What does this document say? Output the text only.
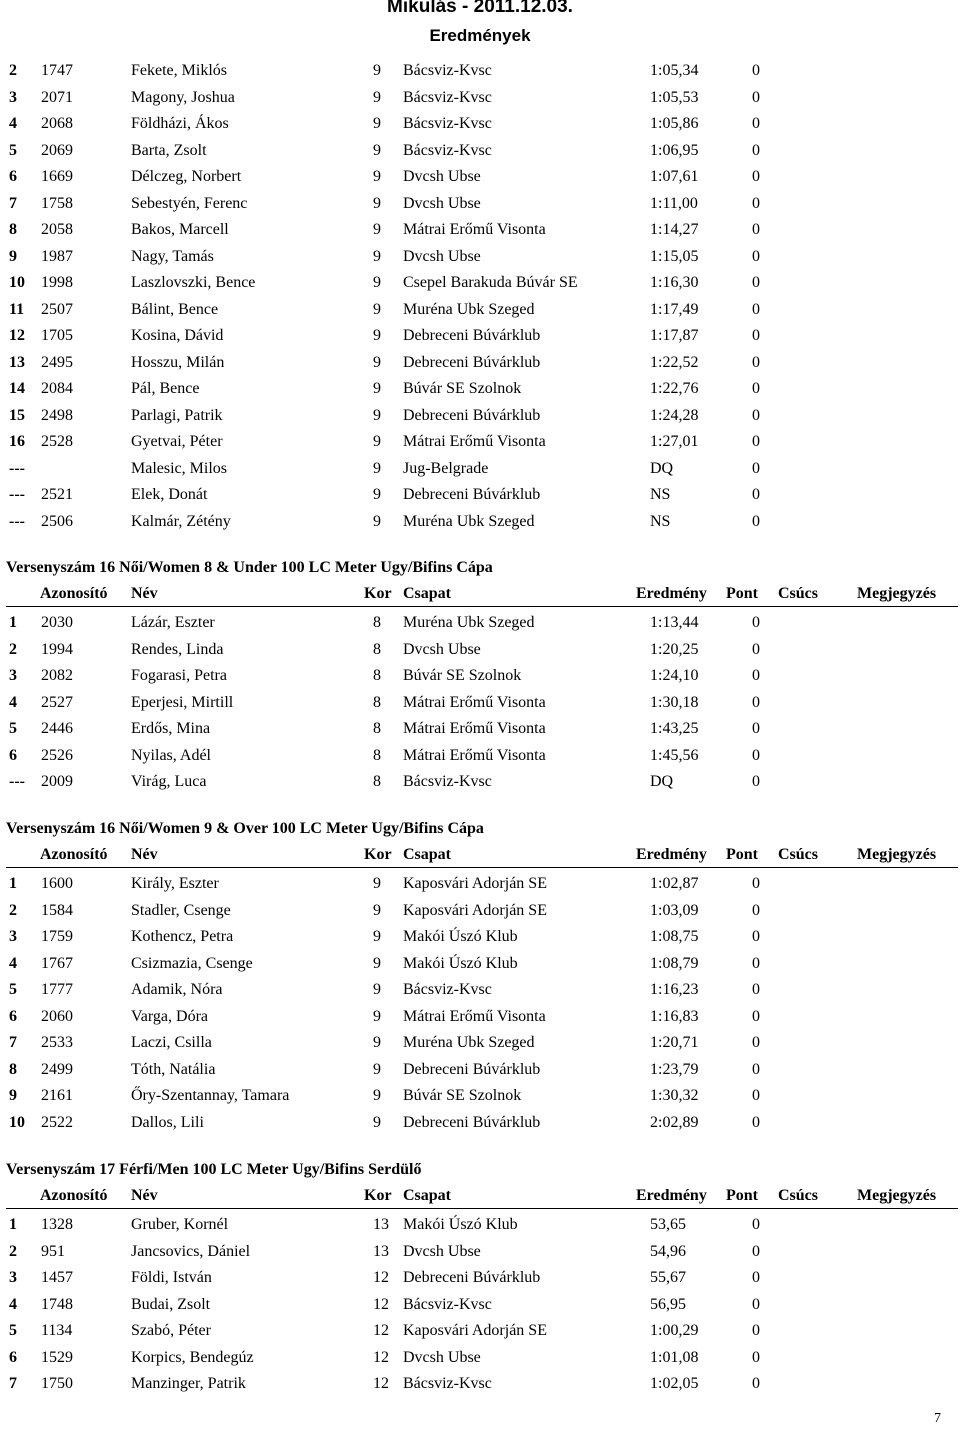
Mikulás - 2011.12.03.
Eredmények
2 1747	Fekete, Miklós	9 Bácsviz-Kvsc	1:05,34	0
3 2071	Magony, Joshua	9 Bácsviz-Kvsc	1:05,53	0
4 2068	Földházi, Ákos	9 Bácsviz-Kvsc	1:05,86	0
5 2069	Barta, Zsolt	9 Bácsviz-Kvsc	1:06,95	0
6 1669	Délczeg, Norbert	9 Dvcsh Ubse	1:07,61	0
7 1758	Sebestyén, Ferenc	9 Dvcsh Ubse	1:11,00	0
8 2058	Bakos, Marcell	9 Mátrai Erőmű Visonta	1:14,27	0
9 1987	Nagy, Tamás	9 Dvcsh Ubse	1:15,05	0
10 1998	Laszlovszki, Bence	9 Csepel Barakuda Búvár SE	1:16,30	0
11 2507	Bálint, Bence	9 Muréna Ubk Szeged	1:17,49	0
12 1705	Kosina, Dávid	9 Debreceni Búvárklub	1:17,87	0
13 2495	Hosszu, Milán	9 Debreceni Búvárklub	1:22,52	0
14 2084	Pál, Bence	9 Búvár SE Szolnok	1:22,76	0
15 2498	Parlagi, Patrik	9 Debreceni Búvárklub	1:24,28	0
16 2528	Gyetvai, Péter	9 Mátrai Erőmű Visonta	1:27,01	0
---	Malesic, Milos	9 Jug-Belgrade	DQ	0
--- 2521	Elek, Donát	9 Debreceni Búvárklub	NS	0
--- 2506	Kalmár, Zétény	9 Muréna Ubk Szeged	NS	0
Versenyszám 16 Női/Women 8 & Under 100 LC Meter Ugy/Bifins Cápa
Azonosító Név	Kor Csapat	Eredmény Pont Csúcs Megjegyzés
1 2030	Lázár, Eszter	8 Muréna Ubk Szeged	1:13,44	0
2 1994	Rendes, Linda	8 Dvcsh Ubse	1:20,25	0
3 2082	Fogarasi, Petra	8 Búvár SE Szolnok	1:24,10	0
4 2527	Eperjesi, Mirtill	8 Mátrai Erőmű Visonta	1:30,18	0
5 2446	Erdős, Mina	8 Mátrai Erőmű Visonta	1:43,25	0
6 2526	Nyilas, Adél	8 Mátrai Erőmű Visonta	1:45,56	0
--- 2009	Virág, Luca	8 Bácsviz-Kvsc	DQ	0
Versenyszám 16 Női/Women 9 & Over 100 LC Meter Ugy/Bifins Cápa
Azonosító Név	Kor Csapat	Eredmény Pont Csúcs Megjegyzés
1 1600	Király, Eszter	9 Kaposvári Adorján SE	1:02,87	0
2 1584	Stadler, Csenge	9 Kaposvári Adorján SE	1:03,09	0
3 1759	Kothencz, Petra	9 Makói Úszó Klub	1:08,75	0
4 1767	Csizmazia, Csenge	9 Makói Úszó Klub	1:08,79	0
5 1777	Adamik, Nóra	9 Bácsviz-Kvsc	1:16,23	0
6 2060	Varga, Dóra	9 Mátrai Erőmű Visonta	1:16,83	0
7 2533	Laczi, Csilla	9 Muréna Ubk Szeged	1:20,71	0
8 2499	Tóth, Natália	9 Debreceni Búvárklub	1:23,79	0
9 2161	Őry-Szentannay, Tamara	9 Búvár SE Szolnok	1:30,32	0
10 2522	Dallos, Lili	9 Debreceni Búvárklub	2:02,89	0
Versenyszám 17 Férfi/Men 100 LC Meter Ugy/Bifins Serdülő
Azonosító Név	Kor Csapat	Eredmény Pont Csúcs Megjegyzés
1 1328	Gruber, Kornél	13 Makói Úszó Klub	53,65	0
2 951	Jancsovics, Dániel	13 Dvcsh Ubse	54,96	0
3 1457	Földi, István	12 Debreceni Búvárklub	55,67	0
4 1748	Budai, Zsolt	12 Bácsviz-Kvsc	56,95	0
5 1134	Szabó, Péter	12 Kaposvári Adorján SE	1:00,29	0
6 1529	Korpics, Bendegúz	12 Dvcsh Ubse	1:01,08	0
7 1750	Manzinger, Patrik	12 Bácsviz-Kvsc	1:02,05	0
7
